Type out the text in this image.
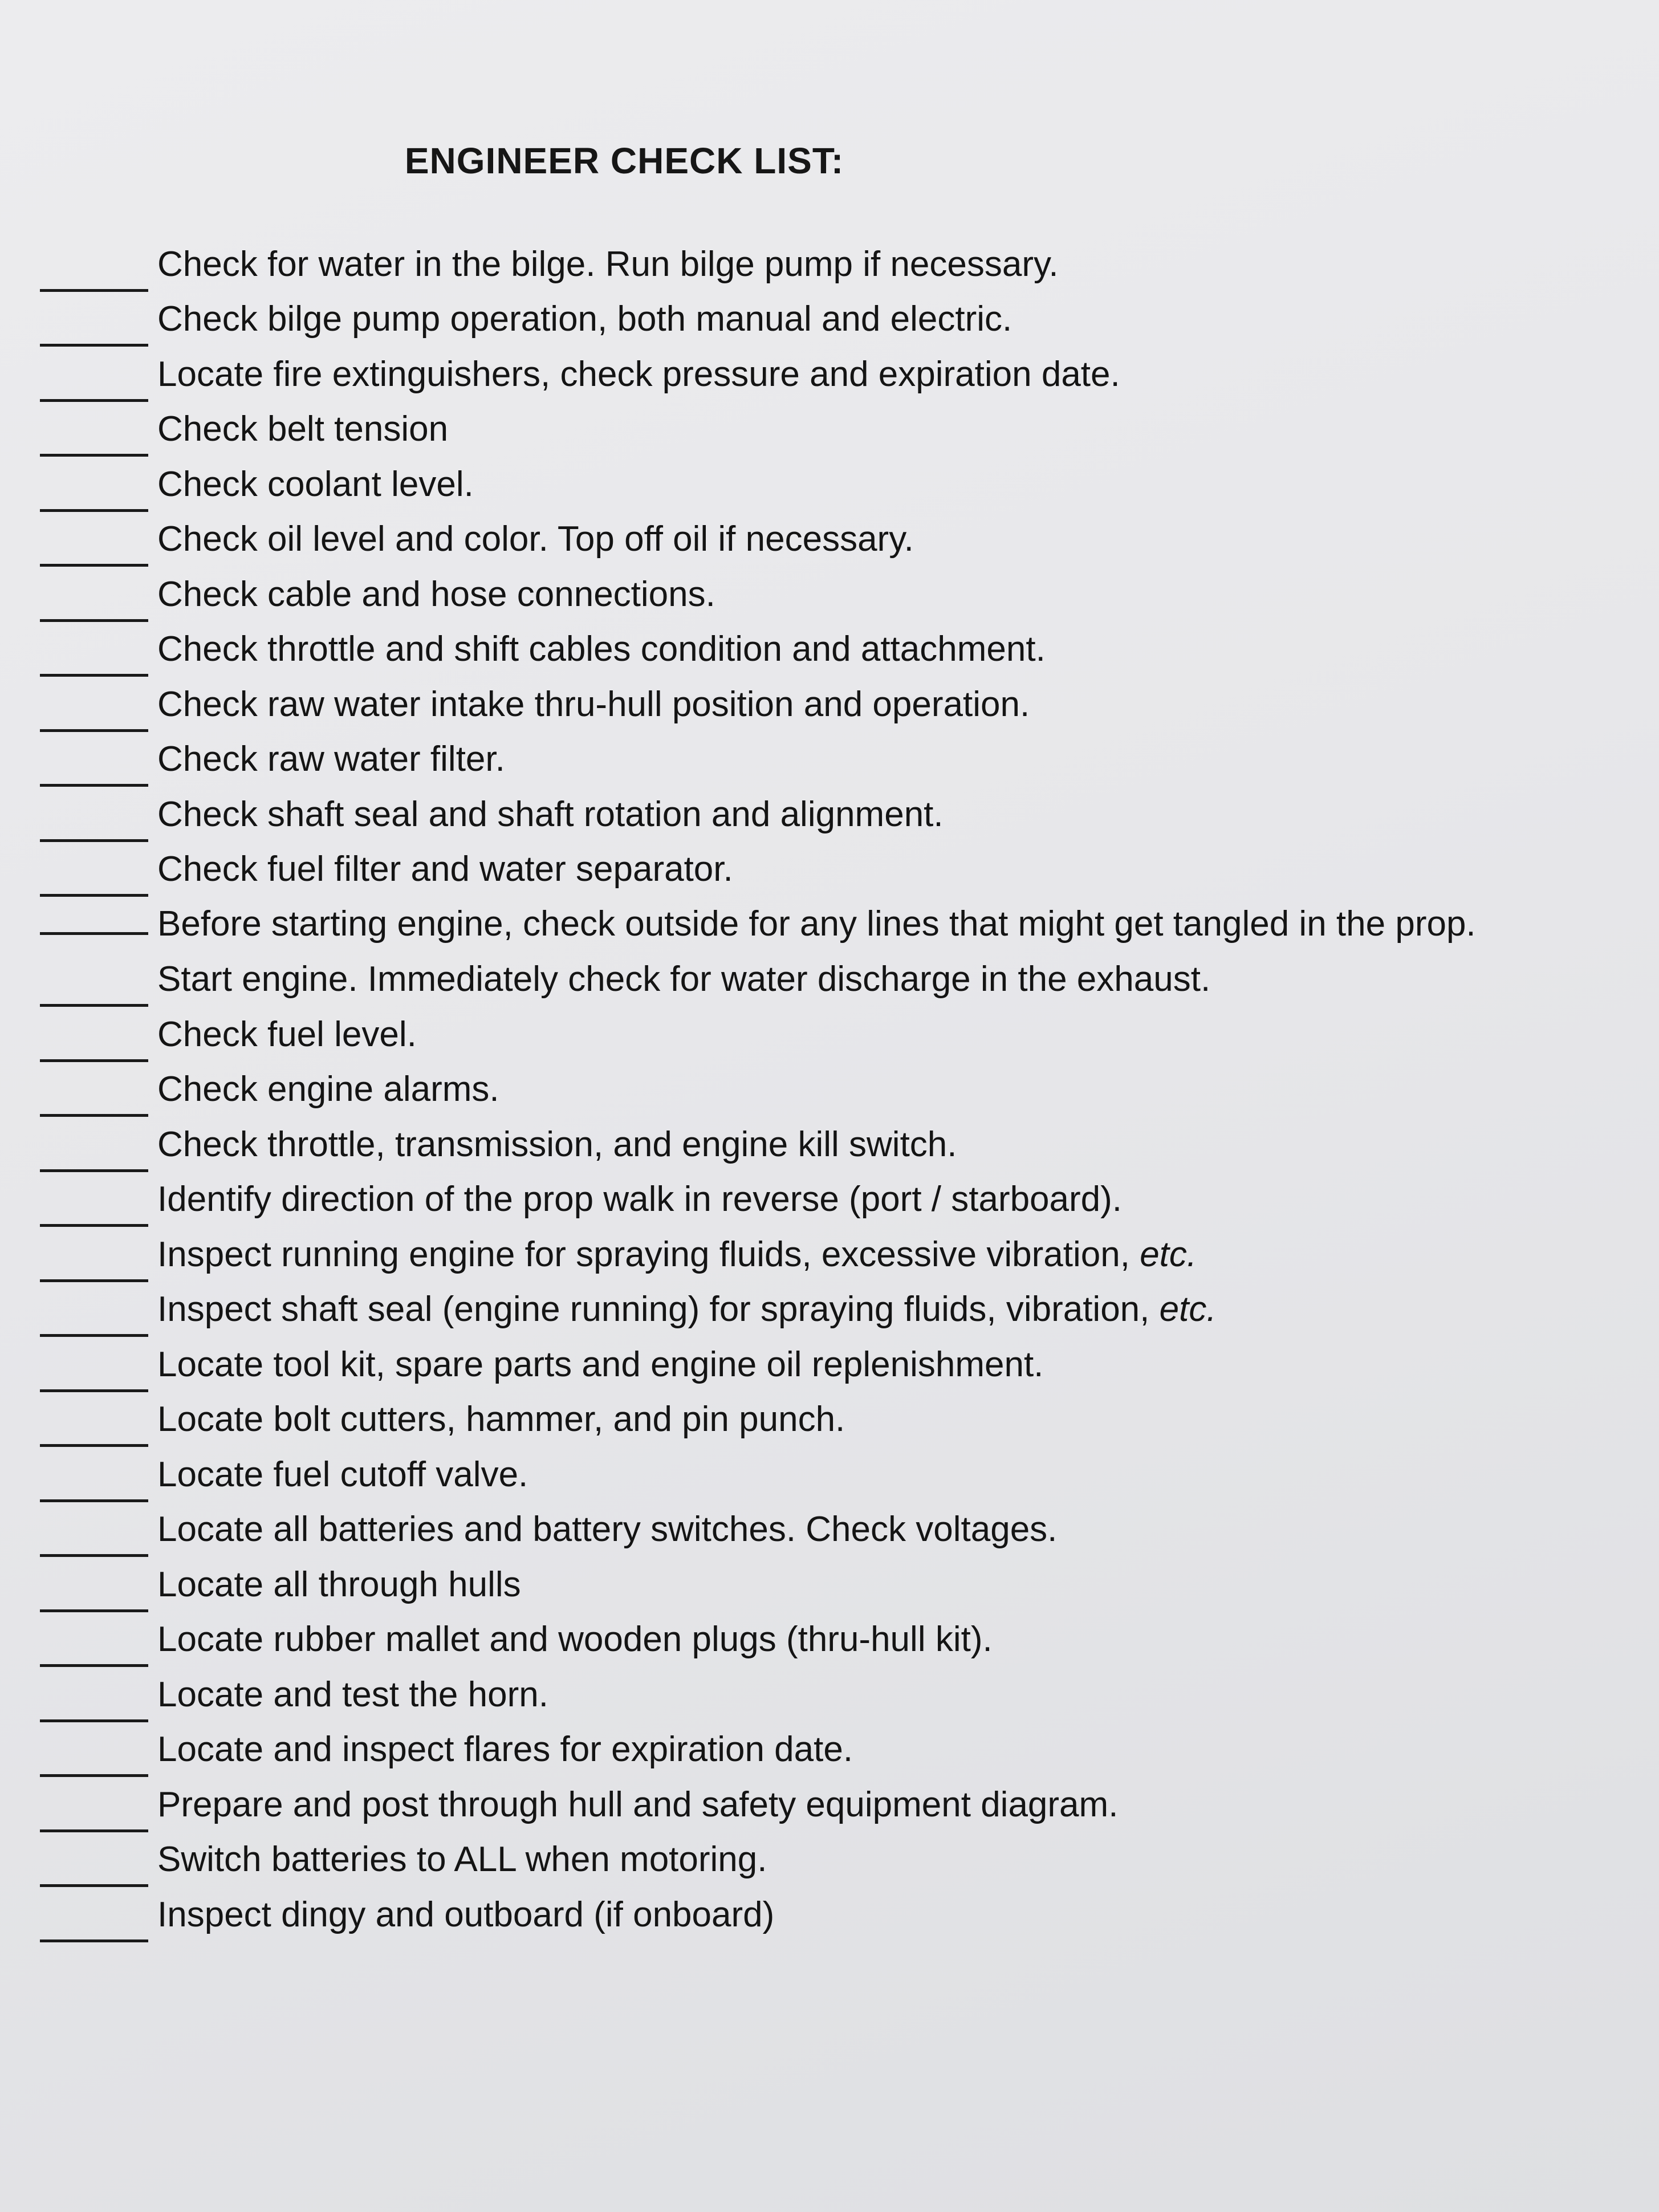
ENGINEER CHECK LIST:
Check for water in the bilge. Run bilge pump if necessary.
Check bilge pump operation, both manual and electric.
Locate fire extinguishers, check pressure and expiration date.
Check belt tension
Check coolant level.
Check oil level and color. Top off oil if necessary.
Check cable and hose connections.
Check throttle and shift cables condition and attachment.
Check raw water intake thru-hull position and operation.
Check raw water filter.
Check shaft seal and shaft rotation and alignment.
Check fuel filter and water separator.
Before starting engine, check outside for any lines that might get tangled in the prop.
Start engine. Immediately check for water discharge in the exhaust.
Check fuel level.
Check engine alarms.
Check throttle, transmission, and engine kill switch.
Identify direction of the prop walk in reverse (port / starboard).
Inspect running engine for spraying fluids, excessive vibration, etc.
Inspect shaft seal (engine running) for spraying fluids, vibration, etc.
Locate tool kit, spare parts and engine oil replenishment.
Locate bolt cutters, hammer, and pin punch.
Locate fuel cutoff valve.
Locate all batteries and battery switches. Check voltages.
Locate all through hulls
Locate rubber mallet and wooden plugs (thru-hull kit).
Locate and test the horn.
Locate and inspect flares for expiration date.
Prepare and post through hull and safety equipment diagram.
Switch batteries to ALL when motoring.
Inspect dingy and outboard (if onboard)
